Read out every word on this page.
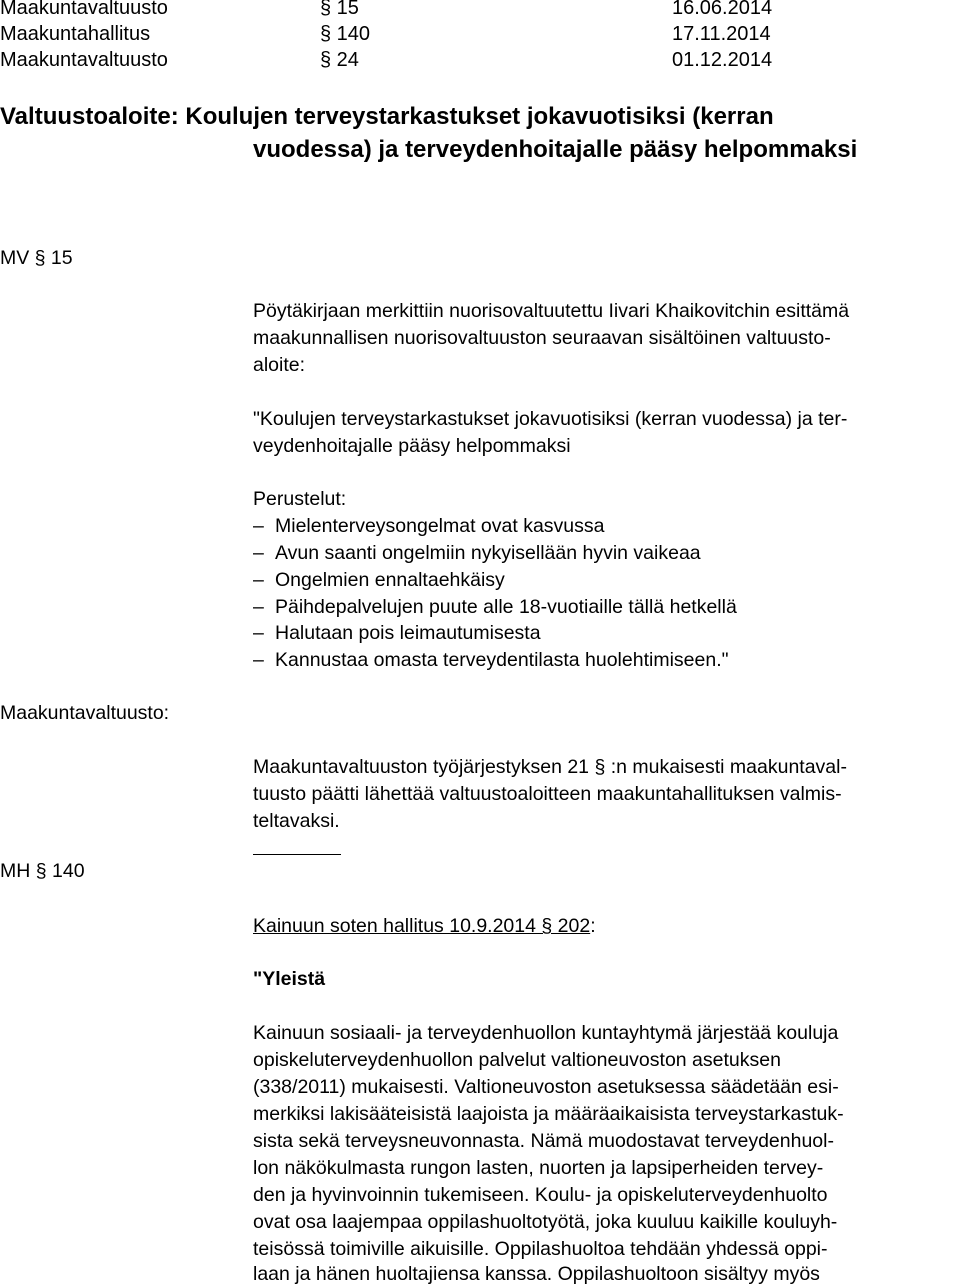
Maakuntavaltuusto	§ 15	16.06.2014
Maakuntahallitus	§ 140	17.11.2014
Maakuntavaltuusto	§ 24	01.12.2014
Valtuustoaloite: Koulujen terveystarkastukset jokavuotisiksi (kerran
vuodessa) ja terveydenhoitajalle pääsy helpommaksi
MV § 15
Pöytäkirjaan merkittiin nuorisovaltuutettu Iivari Khaikovitchin esittämä
maakunnallisen nuorisovaltuuston seuraavan sisältöinen valtuusto-
aloite:
"Koulujen terveystarkastukset jokavuotisiksi (kerran vuodessa) ja ter-
veydenhoitajalle pääsy helpommaksi
Perustelut:
– Mielenterveysongelmat ovat kasvussa
– Avun saanti ongelmiin nykyisellään hyvin vaikeaa
– Ongelmien ennaltaehkäisy
– Päihdepalvelujen puute alle 18-vuotiaille tällä hetkellä
– Halutaan pois leimautumisesta
– Kannustaa omasta terveydentilasta huolehtimiseen."
Maakuntavaltuusto:
Maakuntavaltuuston työjärjestyksen 21 § :n mukaisesti maakuntaval-
tuusto päätti lähettää valtuustoaloitteen maakuntahallituksen valmis-
teltavaksi.
MH § 140
Kainuun soten hallitus 10.9.2014 § 202:
"Yleistä
Kainuun sosiaali- ja terveydenhuollon kuntayhtymä järjestää kouluja
opiskeluterveydenhuollon palvelut valtioneuvoston asetuksen
(338/2011) mukaisesti. Valtioneuvoston asetuksessa säädetään esi-
merkiksi lakisääteisistä laajoista ja määräaikaisista terveystarkastuk-
sista sekä terveysneuvonnasta. Nämä muodostavat terveydenhuol-
lon näkökulmasta rungon lasten, nuorten ja lapsiperheiden tervey-
den ja hyvinvoinnin tukemiseen. Koulu- ja opiskeluterveydenhuolto
ovat osa laajempaa oppilashuoltotyötä, joka kuuluu kaikille kouluyh-
teisössä toimiville aikuisille. Oppilashuoltoa tehdään yhdessä oppi-
laan ja hänen huoltajiensa kanssa. Oppilashuoltoon sisältyy myös
